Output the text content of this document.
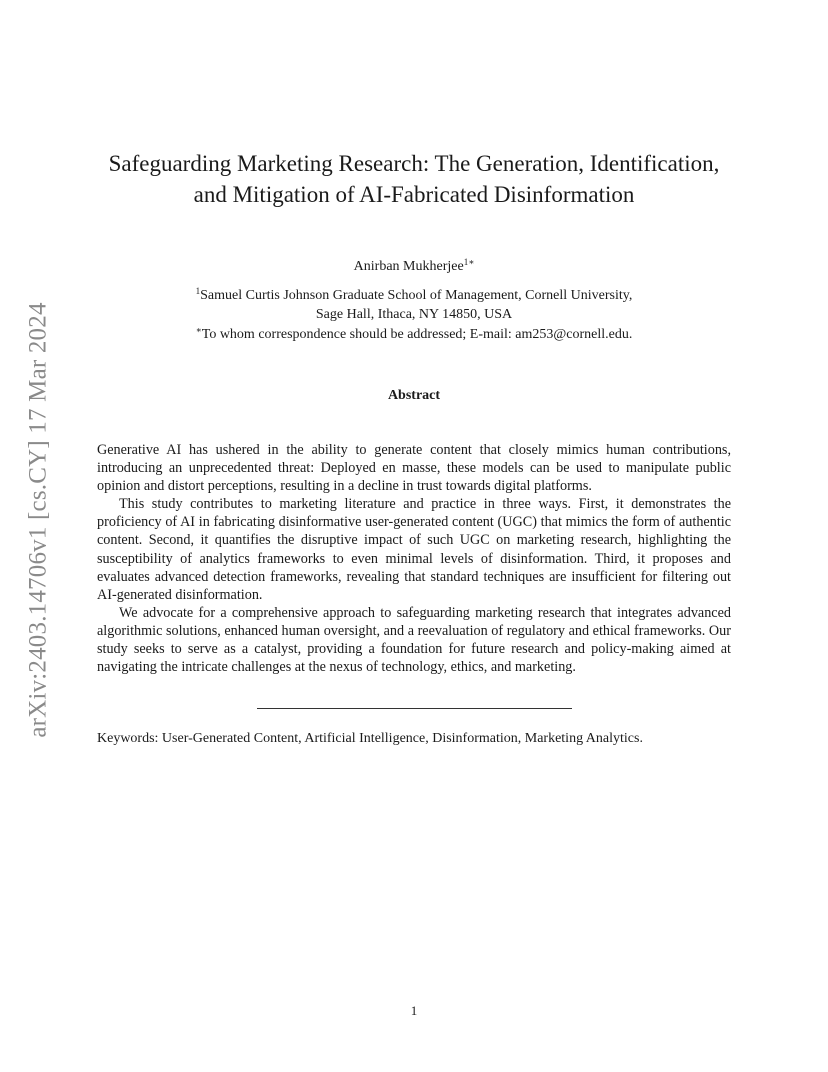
arXiv:2403.14706v1 [cs.CY] 17 Mar 2024
Safeguarding Marketing Research: The Generation, Identification,
and Mitigation of AI-Fabricated Disinformation
Anirban Mukherjee$^{1∗}$
$^1$Samuel Curtis Johnson Graduate School of Management, Cornell University,
Sage Hall, Ithaca, NY 14850, USA
∗To whom correspondence should be addressed; E-mail: am253@cornell.edu.
Abstract

Generative AI has ushered in the ability to generate content that closely mimics human contributions, introducing an unprecedented threat: Deployed en masse, these models can be used to manipulate public opinion and distort perceptions, resulting in a decline in trust towards digital platforms.

This study contributes to marketing literature and practice in three ways. First, it demonstrates the proficiency of AI in fabricating disinformative user-generated content (UGC) that mimics the form of authentic content. Second, it quantifies the disruptive impact of such UGC on marketing research, highlighting the susceptibility of analytics frameworks to even minimal levels of disinformation. Third, it proposes and evaluates advanced detection frameworks, revealing that standard techniques are insufficient for filtering out AI-generated disinformation.

We advocate for a comprehensive approach to safeguarding marketing research that integrates advanced algorithmic solutions, enhanced human oversight, and a reevaluation of regulatory and ethical frameworks. Our study seeks to serve as a catalyst, providing a foundation for future research and policy-making aimed at navigating the intricate challenges at the nexus of technology, ethics, and marketing.

Keywords: User-Generated Content, Artificial Intelligence, Disinformation, Marketing Analytics.
1
